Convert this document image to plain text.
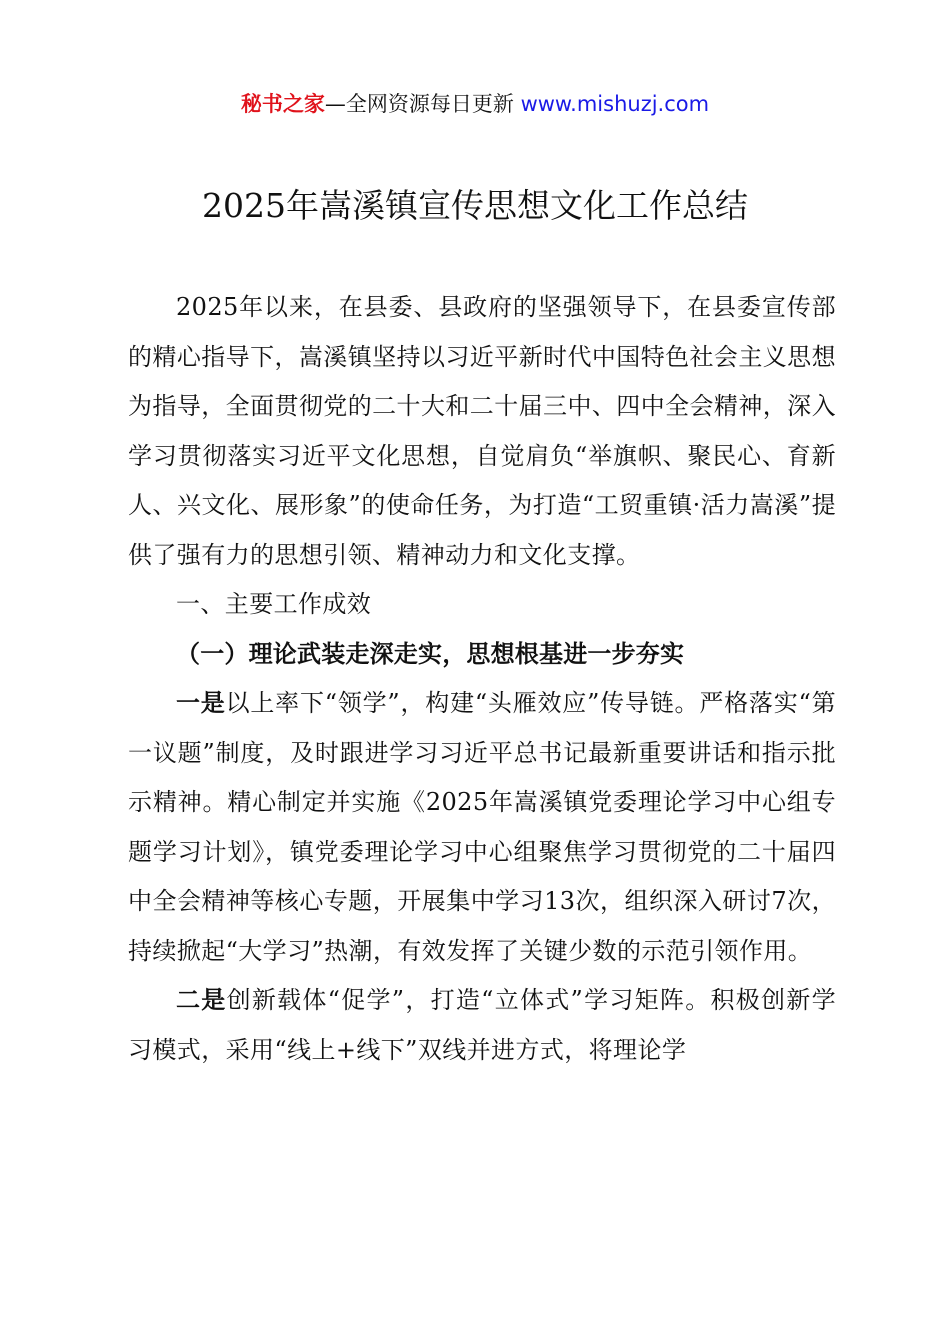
秘书之家—全网资源每日更新 www.mishuzj.com
2025年嵩溪镇宣传思想文化工作总结

2025年以来，在县委、县政府的坚强领导下，在县委宣传部的精心指导下，嵩溪镇坚持以习近平新时代中国特色社会主义思想为指导，全面贯彻党的二十大和二十届三中、四中全会精神，深入学习贯彻落实习近平文化思想，自觉肩负“举旗帜、聚民心、育新人、兴文化、展形象”的使命任务，为打造“工贸重镇·活力嵩溪”提供了强有力的思想引领、精神动力和文化支撑。

一、主要工作成效

（一）理论武装走深走实，思想根基进一步夯实

一是以上率下“领学”，构建“头雁效应”传导链。严格落实“第一议题”制度，及时跟进学习习近平总书记最新重要讲话和指示批示精神。精心制定并实施《2025年嵩溪镇党委理论学习中心组专题学习计划》，镇党委理论学习中心组聚焦学习贯彻党的二十届四中全会精神等核心专题，开展集中学习13次，组织深入研讨7次，持续掀起“大学习”热潮，有效发挥了关键少数的示范引领作用。

二是创新载体“促学”，打造“立体式”学习矩阵。积极创新学习模式，采用“线上+线下”双线并进方式，将理论学
